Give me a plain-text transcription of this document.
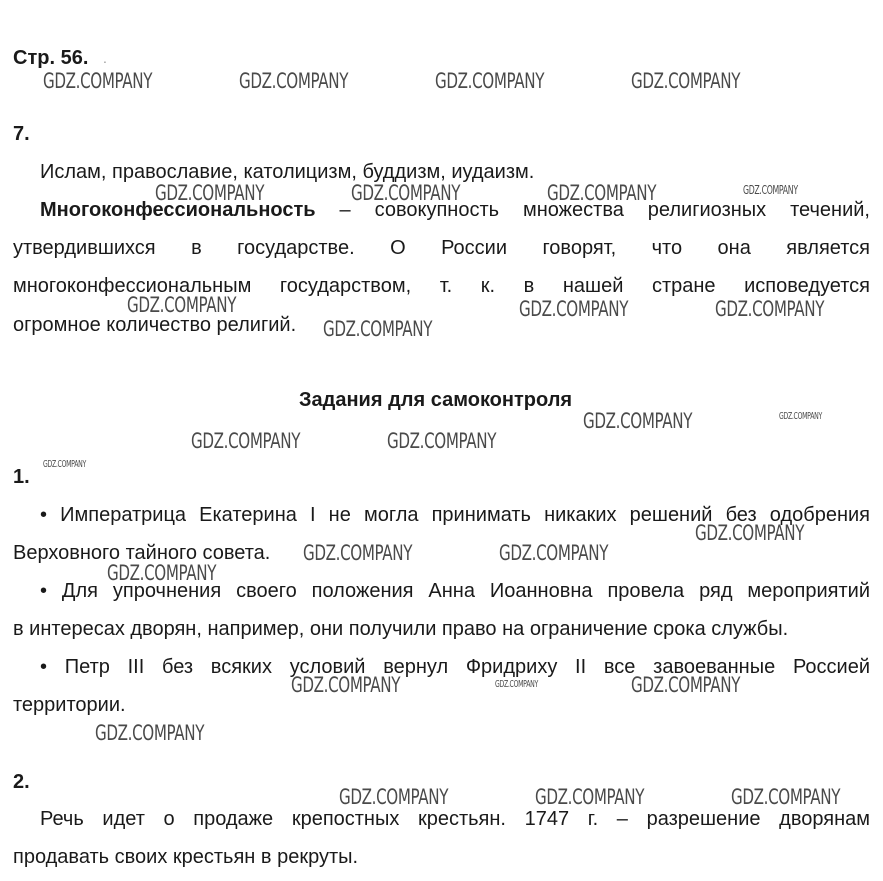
Стр. 56. .
7.
Ислам, православие, католицизм, буддизм, иудаизм.
Многоконфессиональность – совокупность множества религиозных течений,
утвердившихся в государстве. О России говорят, что она является
многоконфессиональным государством, т. к. в нашей стране исповедуется
огромное количество религий.
Задания для самоконтроля
1.
• Императрица Екатерина I не могла принимать никаких решений без одобрения
Верховного тайного совета.
• Для упрочнения своего положения Анна Иоанновна провела ряд мероприятий
в интересах дворян, например, они получили право на ограничение срока службы.
• Петр III без всяких условий вернул Фридриху II все завоеванные Россией
территории.
2.
Речь идет о продаже крепостных крестьян. 1747 г. – разрешение дворянам
продавать своих крестьян в рекруты.
GDZ.COMPANY	GDZ.COMPANY	GDZ.COMPANY	GDZ.COMPANY
GDZ.COMPANY	GDZ.COMPANY	GDZ.COMPANY	GDZ.COMPANY
GDZ.COMPANY	GDZ.COMPANY	GDZ.COMPANY
GDZ.COMPANY
GDZ.COMPANY	GDZ.COMPANY
GDZ.COMPANY	GDZ.COMPANY
GDZ.COMPANY
GDZ.COMPANY
GDZ.COMPANY	GDZ.COMPANY
GDZ.COMPANY
GDZ.COMPANY	GDZ.COMPANY	GDZ.COMPANY
GDZ.COMPANY
GDZ.COMPANY	GDZ.COMPANY	GDZ.COMPANY
